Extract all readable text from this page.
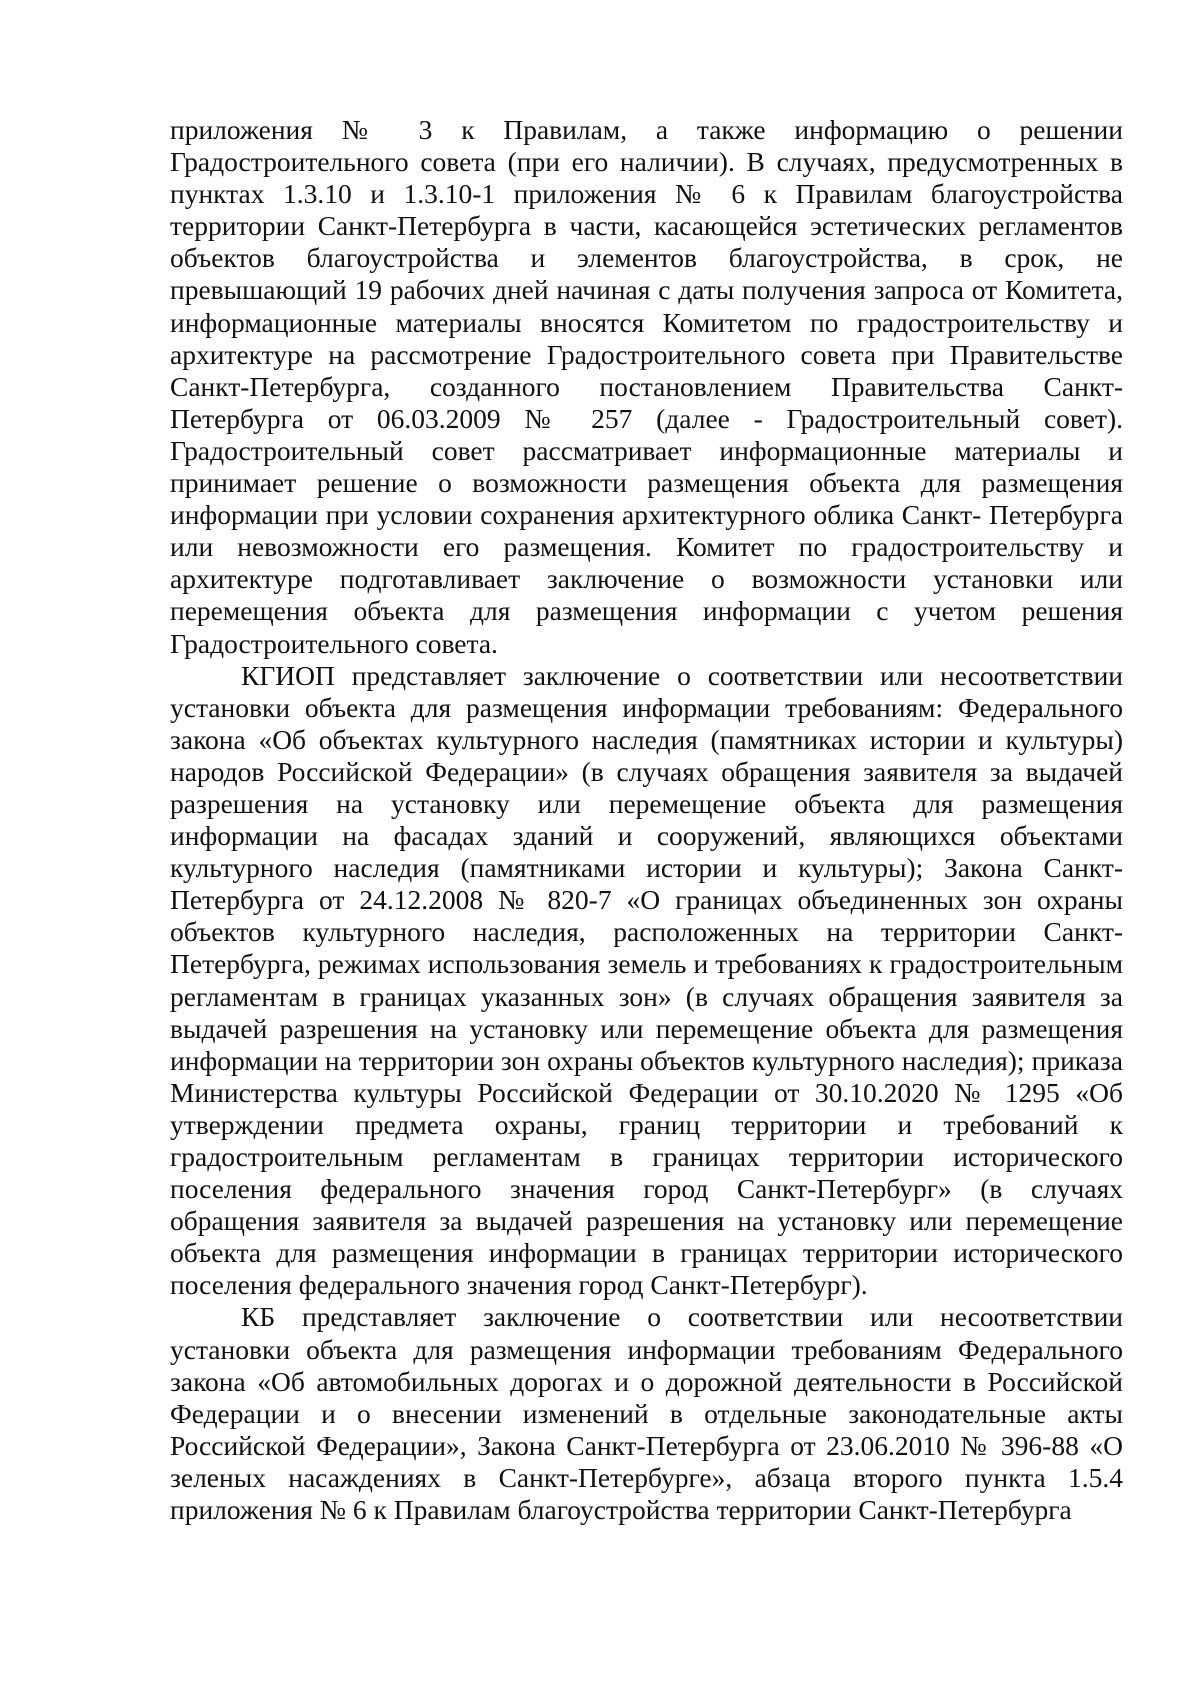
приложения № 3 к Правилам, а также информацию о решении Градостроительного совета (при его наличии). В случаях, предусмотренных в пунктах 1.3.10 и 1.3.10-1 приложения № 6 к Правилам благоустройства территории Санкт-Петербурга в части, касающейся эстетических регламентов объектов благоустройства и элементов благоустройства, в срок, не превышающий 19 рабочих дней начиная с даты получения запроса от Комитета, информационные материалы вносятся Комитетом по градостроительству и архитектуре на рассмотрение Градостроительного совета при Правительстве Санкт-Петербурга, созданного постановлением Правительства Санкт- Петербурга от 06.03.2009 № 257 (далее - Градостроительный совет). Градостроительный совет рассматривает информационные материалы и принимает решение о возможности размещения объекта для размещения информации при условии сохранения архитектурного облика Санкт- Петербурга или невозможности его размещения. Комитет по градостроительству и архитектуре подготавливает заключение о возможности установки или перемещения объекта для размещения информации с учетом решения Градостроительного совета.

КГИОП представляет заключение о соответствии или несоответствии установки объекта для размещения информации требованиям: Федерального закона «Об объектах культурного наследия (памятниках истории и культуры) народов Российской Федерации» (в случаях обращения заявителя за выдачей разрешения на установку или перемещение объекта для размещения информации на фасадах зданий и сооружений, являющихся объектами культурного наследия (памятниками истории и культуры); Закона Санкт-Петербурга от 24.12.2008 № 820-7 «О границах объединенных зон охраны объектов культурного наследия, расположенных на территории Санкт-Петербурга, режимах использования земель и требованиях к градостроительным регламентам в границах указанных зон» (в случаях обращения заявителя за выдачей разрешения на установку или перемещение объекта для размещения информации на территории зон охраны объектов культурного наследия); приказа Министерства культуры Российской Федерации от 30.10.2020 № 1295 «Об утверждении предмета охраны, границ территории и требований к градостроительным регламентам в границах территории исторического поселения федерального значения город Санкт-Петербург» (в случаях обращения заявителя за выдачей разрешения на установку или перемещение объекта для размещения информации в границах территории исторического поселения федерального значения город Санкт-Петербург).

КБ представляет заключение о соответствии или несоответствии установки объекта для размещения информации требованиям Федерального закона «Об автомобильных дорогах и о дорожной деятельности в Российской Федерации и о внесении изменений в отдельные законодательные акты Российской Федерации», Закона Санкт-Петербурга от 23.06.2010 № 396-88 «О зеленых насаждениях в Санкт-Петербурге», абзаца второго пункта 1.5.4 приложения № 6 к Правилам благоустройства территории Санкт-Петербурга
